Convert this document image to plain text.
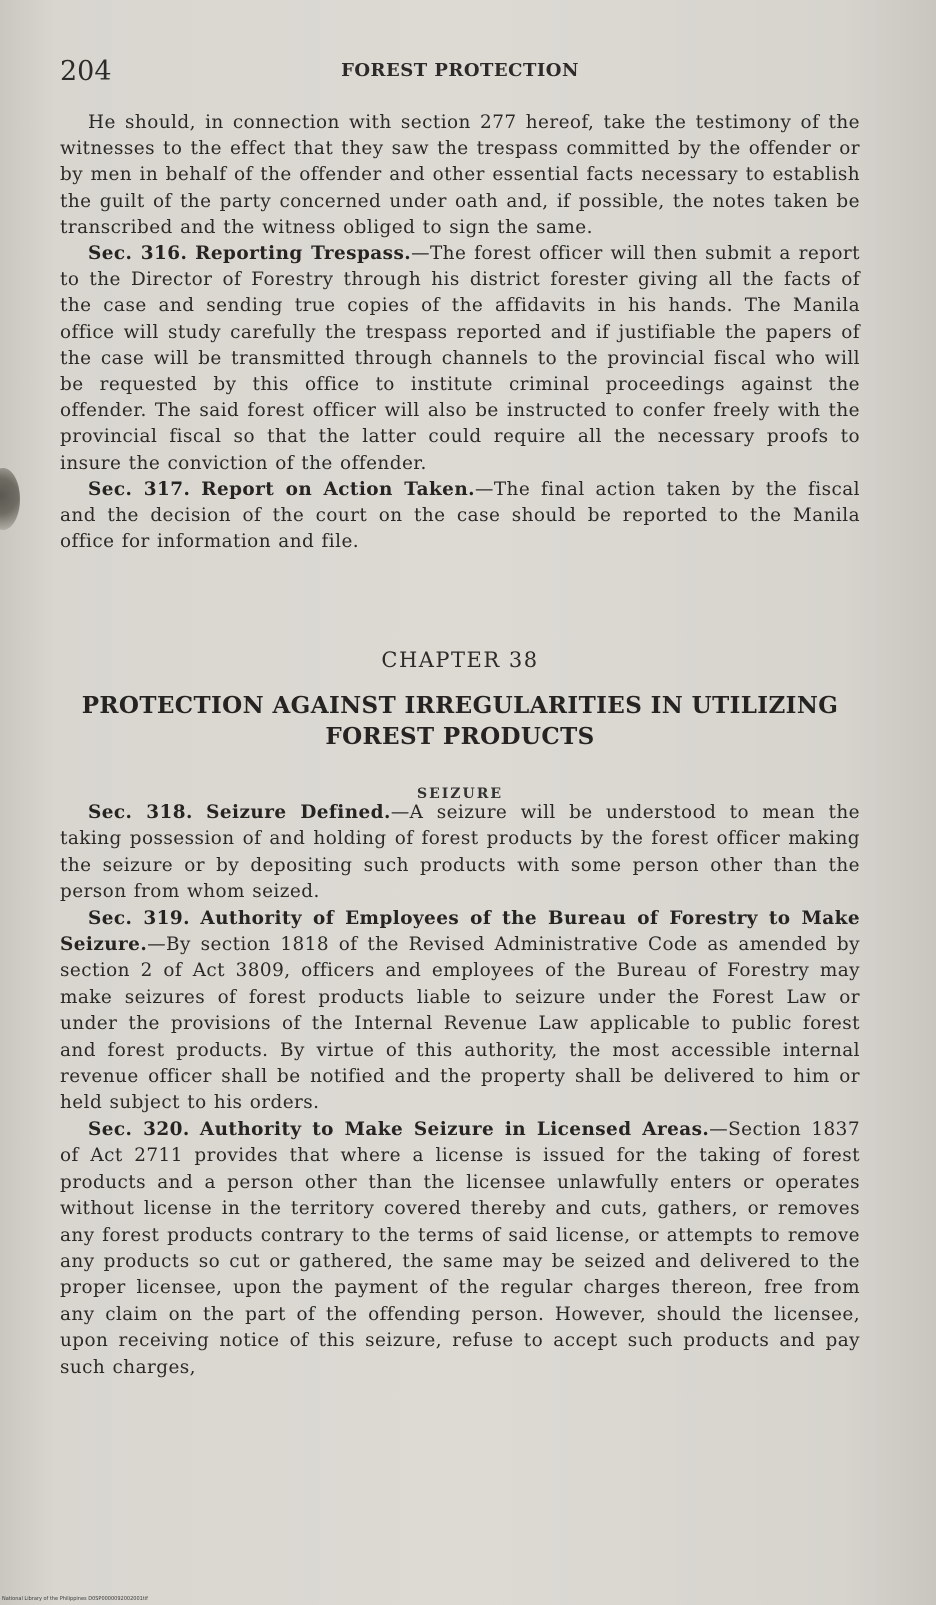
204	FOREST PROTECTION

He should, in connection with section 277 hereof, take the testimony of the witnesses to the effect that they saw the trespass committed by the offender or by men in behalf of the offender and other essential facts necessary to establish the guilt of the party concerned under oath and, if possible, the notes taken be transcribed and the witness obliged to sign the same.

Sec. 316. Reporting Trespass.—The forest officer will then submit a report to the Director of Forestry through his district forester giving all the facts of the case and sending true copies of the affidavits in his hands. The Manila office will study carefully the trespass reported and if justifiable the papers of the case will be transmitted through channels to the provincial fiscal who will be requested by this office to institute criminal proceedings against the offender. The said forest officer will also be instructed to confer freely with the provincial fiscal so that the latter could require all the necessary proofs to insure the conviction of the offender.

Sec. 317. Report on Action Taken.—The final action taken by the fiscal and the decision of the court on the case should be reported to the Manila office for information and file.

CHAPTER 38
PROTECTION AGAINST IRREGULARITIES IN UTILIZING FOREST PRODUCTS
SEIZURE

Sec. 318. Seizure Defined.—A seizure will be understood to mean the taking possession of and holding of forest products by the forest officer making the seizure or by depositing such products with some person other than the person from whom seized.

Sec. 319. Authority of Employees of the Bureau of Forestry to Make Seizure.—By section 1818 of the Revised Administrative Code as amended by section 2 of Act 3809, officers and employees of the Bureau of Forestry may make seizures of forest products liable to seizure under the Forest Law or under the provisions of the Internal Revenue Law applicable to public forest and forest products. By virtue of this authority, the most accessible internal revenue officer shall be notified and the property shall be delivered to him or held subject to his orders.

Sec. 320. Authority to Make Seizure in Licensed Areas.—Section 1837 of Act 2711 provides that where a license is issued for the taking of forest products and a person other than the licensee unlawfully enters or operates without license in the territory covered thereby and cuts, gathers, or removes any forest products contrary to the terms of said license, or attempts to remove any products so cut or gathered, the same may be seized and delivered to the proper licensee, upon the payment of the regular charges thereon, free from any claim on the part of the offending person. However, should the licensee, upon receiving notice of this seizure, refuse to accept such products and pay such charges,

National Library of the Philippines D0SP0000092002001tif
